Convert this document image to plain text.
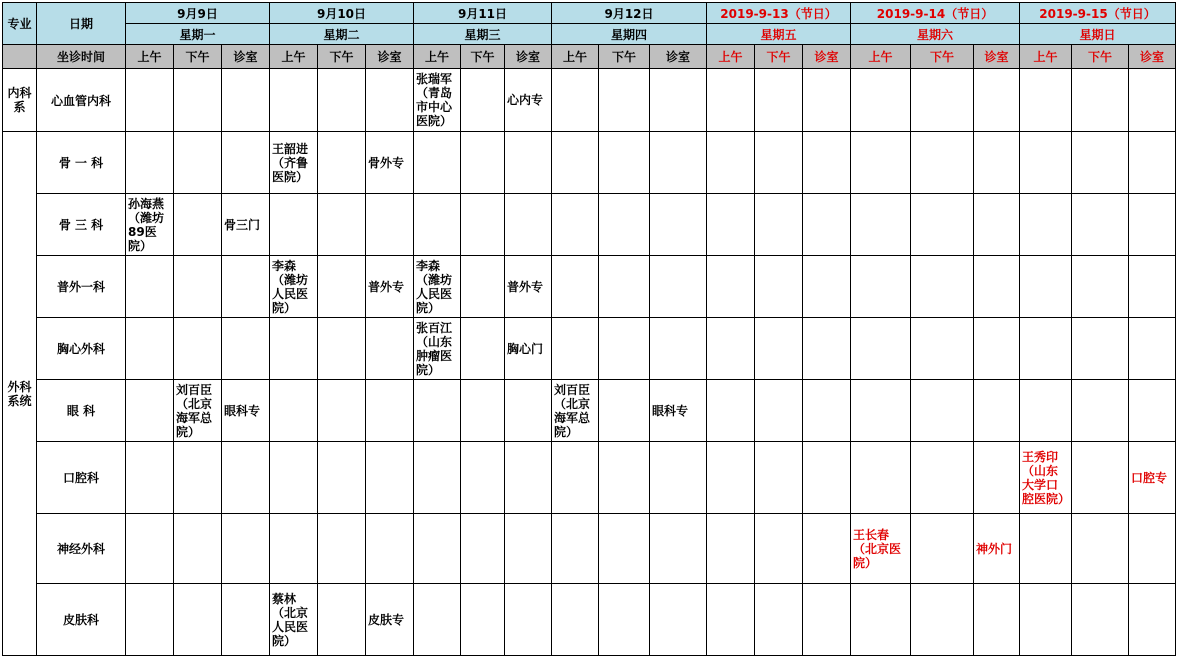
专业	日期	9月9日			9月10日			9月11日			9月12日			2019-9-13（节日）			2019-9-14（节日）			2019-9-15（节日）		
		星期一			星期二			星期三			星期四			星期五			星期六			星期日		
	坐诊时间	上午	下午	诊室	上午	下午	诊室	上午	下午	诊室	上午	下午	诊室	上午	下午	诊室	上午	下午	诊室	上午	下午	诊室
内科系	心血管内科							张瑞军（青岛市中心医院）		心内专												
外科系统	骨 一 科				王韶进（齐鲁医院）		骨外专															
	骨 三 科	孙海燕（潍坊89医院）		骨三门																		
	普外一科				李森（潍坊人民医院）		普外专	李森（潍坊人民医院）		普外专												
	胸心外科							张百江（山东肿瘤医院）		胸心门												
	眼 科		刘百臣（北京海军总院）	眼科专							刘百臣（北京海军总院）		眼科专									
	口腔科																			王秀印（山东大学口腔医院）		口腔专
	神经外科																王长春（北京医院）		神外门			
	皮肤科				蔡林（北京人民医院）		皮肤专															
